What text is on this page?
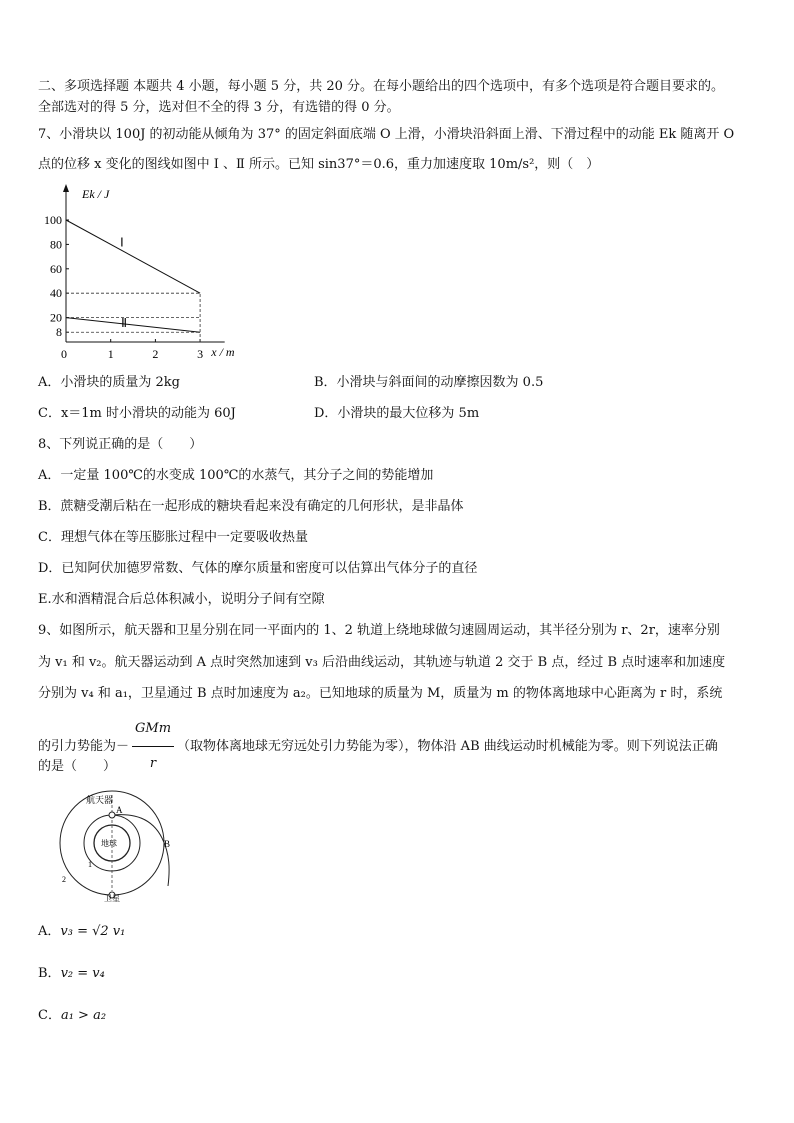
二、多项选择题 本题共 4 小题，每小题 5 分，共 20 分。在每小题给出的四个选项中，有多个选项是符合题目要求的。
全部选对的得 5 分，选对但不全的得 3 分，有选错的得 0 分。
7、小滑块以 100J 的初动能从倾角为 37° 的固定斜面底端 O 上滑，小滑块沿斜面上滑、下滑过程中的动能 Ek 随离开 O
点的位移 x 变化的图线如图中 Ⅰ 、Ⅱ 所示。已知 sin37°＝0.6，重力加速度取 10m/s²，则（　）
Ek / J
x / m
0	1	2	3
100
80
60
40
20
8
Ⅰ
Ⅱ
A．小滑块的质量为 2kg	B．小滑块与斜面间的动摩擦因数为 0.5
C．x＝1m 时小滑块的动能为 60J	D．小滑块的最大位移为 5m
8、下列说正确的是（　　）
A．一定量 100℃的水变成 100℃的水蒸气，其分子之间的势能增加
B．蔗糖受潮后粘在一起形成的糖块看起来没有确定的几何形状，是非晶体
C．理想气体在等压膨胀过程中一定要吸收热量
D．已知阿伏加德罗常数、气体的摩尔质量和密度可以估算出气体分子的直径
E.水和酒精混合后总体积减小，说明分子间有空隙
9、如图所示，航天器和卫星分别在同一平面内的 1、2 轨道上绕地球做匀速圆周运动，其半径分别为 r、2r，速率分别
为 v₁ 和 v₂。航天器运动到 A 点时突然加速到 v₃ 后沿曲线运动，其轨迹与轨道 2 交于 B 点，经过 B 点时速率和加速度
分别为 v₄ 和 a₁，卫星通过 B 点时加速度为 a₂。已知地球的质量为 M，质量为 m 的物体离地球中心距离为 r 时，系统
的引力势能为－ $\frac{\text{GMm}}{r}$ （取物体离地球无穷远处引力势能为零），物体沿 AB 曲线运动时机械能为零。则下列说法正确
的是（　　）
航天器
A
B
地球
1
2
卫星
A．v₃ = √2 v₁
B．v₂ = v₄
C．a₁ > a₂
